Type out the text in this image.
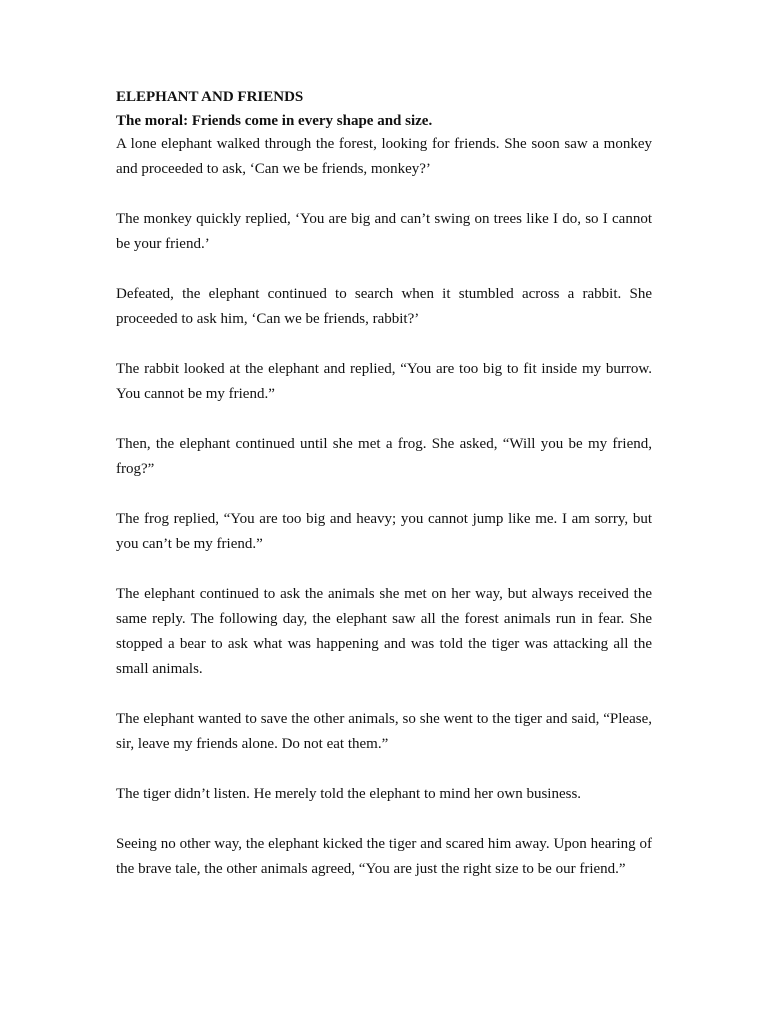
ELEPHANT AND FRIENDS

The moral: Friends come in every shape and size.

A lone elephant walked through the forest, looking for friends. She soon saw a monkey and proceeded to ask, ‘Can we be friends, monkey?’

The monkey quickly replied, ‘You are big and can’t swing on trees like I do, so I cannot be your friend.’

Defeated, the elephant continued to search when it stumbled across a rabbit. She proceeded to ask him, ‘Can we be friends, rabbit?’

The rabbit looked at the elephant and replied, “You are too big to fit inside my burrow. You cannot be my friend.”

Then, the elephant continued until she met a frog. She asked, “Will you be my friend, frog?”

The frog replied, “You are too big and heavy; you cannot jump like me. I am sorry, but you can’t be my friend.”

The elephant continued to ask the animals she met on her way, but always received the same reply. The following day, the elephant saw all the forest animals run in fear. She stopped a bear to ask what was happening and was told the tiger was attacking all the small animals.

The elephant wanted to save the other animals, so she went to the tiger and said, “Please, sir, leave my friends alone. Do not eat them.”

The tiger didn’t listen. He merely told the elephant to mind her own business.

Seeing no other way, the elephant kicked the tiger and scared him away. Upon hearing of the brave tale, the other animals agreed, “You are just the right size to be our friend.”
